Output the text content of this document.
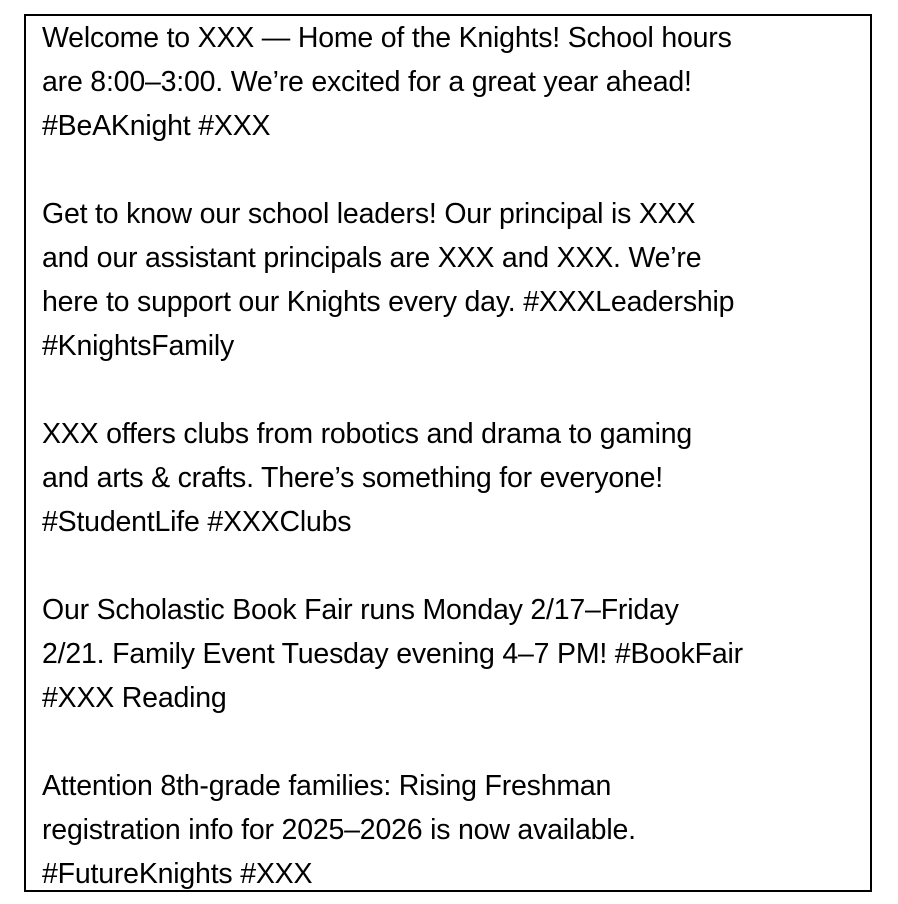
Welcome to XXX — Home of the Knights! School hours
are 8:00–3:00. We’re excited for a great year ahead!
#BeAKnight #XXX

Get to know our school leaders! Our principal is XXX
and our assistant principals are XXX and XXX. We’re
here to support our Knights every day. #XXXLeadership
#KnightsFamily

XXX offers clubs from robotics and drama to gaming
and arts & crafts. There’s something for everyone!
#StudentLife #XXXClubs

Our Scholastic Book Fair runs Monday 2/17–Friday
2/21. Family Event Tuesday evening 4–7 PM! #BookFair
#XXX Reading

Attention 8th-grade families: Rising Freshman
registration info for 2025–2026 is now available.
#FutureKnights #XXX
